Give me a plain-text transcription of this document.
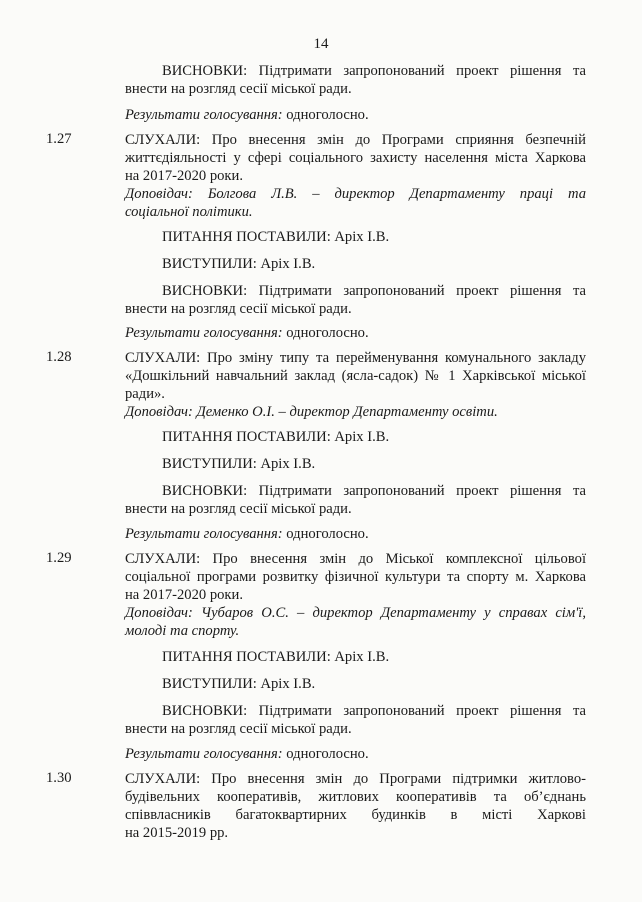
14
ВИСНОВКИ: Підтримати запропонований проект рішення та
внести на розгляд сесії міської ради.
Результати голосування: одноголосно.
1.27	СЛУХАЛИ: Про внесення змін до Програми сприяння безпечній
життєдіяльності у сфері соціального захисту населення міста Харкова
на 2017-2020 роки.
Доповідач: Болгова Л.В. – директор Департаменту праці та
соціальної політики.
ПИТАННЯ ПОСТАВИЛИ: Аріх І.В.
ВИСТУПИЛИ: Аріх І.В.
ВИСНОВКИ: Підтримати запропонований проект рішення та
внести на розгляд сесії міської ради.
Результати голосування: одноголосно.
1.28	СЛУХАЛИ: Про зміну типу та перейменування комунального закладу
«Дошкільний навчальний заклад (ясла-садок) № 1 Харківської міської
ради».
Доповідач: Деменко О.І. – директор Департаменту освіти.
ПИТАННЯ ПОСТАВИЛИ: Аріх І.В.
ВИСТУПИЛИ: Аріх І.В.
ВИСНОВКИ: Підтримати запропонований проект рішення та
внести на розгляд сесії міської ради.
Результати голосування: одноголосно.
1.29	СЛУХАЛИ: Про внесення змін до Міської комплексної цільової
соціальної програми розвитку фізичної культури та спорту м. Харкова
на 2017-2020 роки.
Доповідач: Чубаров О.С. – директор Департаменту у справах сім'ї,
молоді та спорту.
ПИТАННЯ ПОСТАВИЛИ: Аріх І.В.
ВИСТУПИЛИ: Аріх І.В.
ВИСНОВКИ: Підтримати запропонований проект рішення та
внести на розгляд сесії міської ради.
Результати голосування: одноголосно.
1.30	СЛУХАЛИ: Про внесення змін до Програми підтримки житлово-
будівельних кооперативів, житлових кооперативів та об’єднань
співвласників багатоквартирних будинків в місті Харкові
на 2015-2019 рр.
